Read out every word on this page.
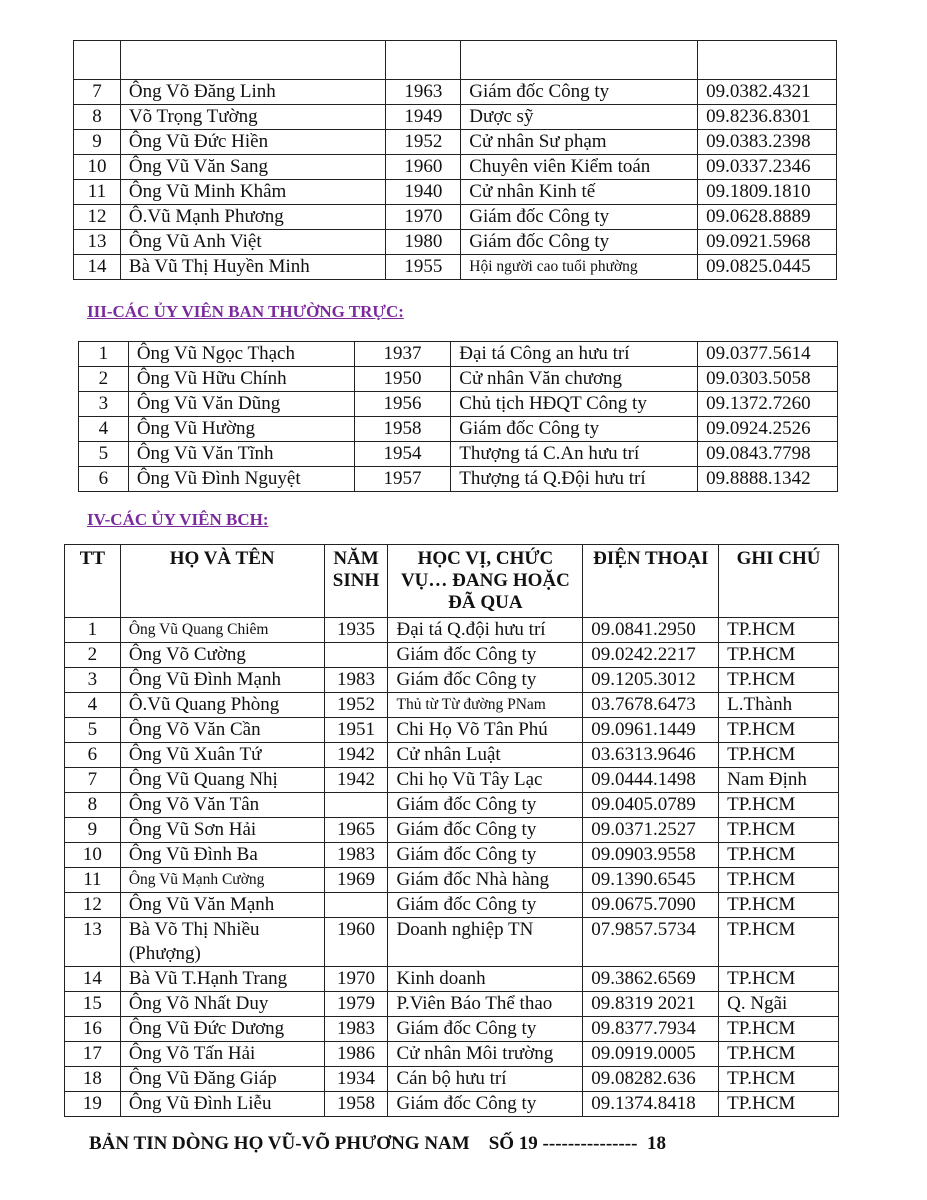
7	Ông Võ Đăng Linh	1963	Giám đốc Công ty	09.0382.4321
8	Võ Trọng Tường	1949	Dược sỹ	09.8236.8301
9	Ông Vũ Đức Hiền	1952	Cử nhân Sư phạm	09.0383.2398
10	Ông Vũ Văn Sang	1960	Chuyên viên Kiểm toán	09.0337.2346
11	Ông Vũ Minh Khâm	1940	Cử nhân Kinh tế	09.1809.1810
12	Ô.Vũ Mạnh Phương	1970	Giám đốc Công ty	09.0628.8889
13	Ông Vũ Anh Việt	1980	Giám đốc Công ty	09.0921.5968
14	Bà Vũ Thị Huyền Minh	1955	Hội người cao tuổi phường	09.0825.0445
III-CÁC ỦY VIÊN BAN THƯỜNG TRỰC:
1	Ông Vũ Ngọc Thạch	1937	Đại tá Công an hưu trí	09.0377.5614
2	Ông Vũ Hữu Chính	1950	Cử nhân Văn chương	09.0303.5058
3	Ông Vũ Văn Dũng	1956	Chủ tịch HĐQT Công ty	09.1372.7260
4	Ông Vũ Hường	1958	Giám đốc Công ty	09.0924.2526
5	Ông Vũ Văn Tĩnh	1954	Thượng tá C.An hưu trí	09.0843.7798
6	Ông Vũ Đình Nguyệt	1957	Thượng tá Q.Đội hưu trí	09.8888.1342
IV-CÁC ỦY VIÊN BCH:
TT	HỌ VÀ TÊN	NĂM SINH	HỌC VỊ, CHỨC VỤ… ĐANG HOẶC ĐÃ QUA	ĐIỆN THOẠI	GHI CHÚ
1	Ông Vũ Quang Chiêm	1935	Đại tá Q.đội hưu trí	09.0841.2950	TP.HCM
2	Ông Võ Cường		Giám đốc Công ty	09.0242.2217	TP.HCM
3	Ông Vũ Đình Mạnh	1983	Giám đốc Công ty	09.1205.3012	TP.HCM
4	Ô.Vũ Quang Phòng	1952	Thủ từ Từ đường PNam	03.7678.6473	L.Thành
5	Ông Võ Văn Cần	1951	Chi Họ Võ Tân Phú	09.0961.1449	TP.HCM
6	Ông Vũ Xuân Tứ	1942	Cử nhân Luật	03.6313.9646	TP.HCM
7	Ông Vũ Quang Nhị	1942	Chi họ Vũ Tây Lạc	09.0444.1498	Nam Định
8	Ông Võ Văn Tân		Giám đốc Công ty	09.0405.0789	TP.HCM
9	Ông Vũ Sơn Hải	1965	Giám đốc Công ty	09.0371.2527	TP.HCM
10	Ông Vũ Đình Ba	1983	Giám đốc Công ty	09.0903.9558	TP.HCM
11	Ông Vũ Mạnh Cường	1969	Giám đốc Nhà hàng	09.1390.6545	TP.HCM
12	Ông Vũ Văn Mạnh		Giám đốc Công ty	09.0675.7090	TP.HCM
13	Bà Võ Thị Nhiều (Phượng)	1960	Doanh nghiệp TN	07.9857.5734	TP.HCM
14	Bà Vũ T.Hạnh Trang	1970	Kinh doanh	09.3862.6569	TP.HCM
15	Ông Võ Nhất Duy	1979	P.Viên Báo Thể thao	09.8319 2021	Q. Ngãi
16	Ông Vũ Đức Dương	1983	Giám đốc Công ty	09.8377.7934	TP.HCM
17	Ông Võ Tấn Hải	1986	Cử nhân Môi trường	09.0919.0005	TP.HCM
18	Ông Vũ Đăng Giáp	1934	Cán bộ hưu trí	09.08282.636	TP.HCM
19	Ông Vũ Đình Liễu	1958	Giám đốc Công ty	09.1374.8418	TP.HCM
BẢN TIN DÒNG HỌ VŨ-VÕ PHƯƠNG NAM    SỐ 19 ---------------  18
